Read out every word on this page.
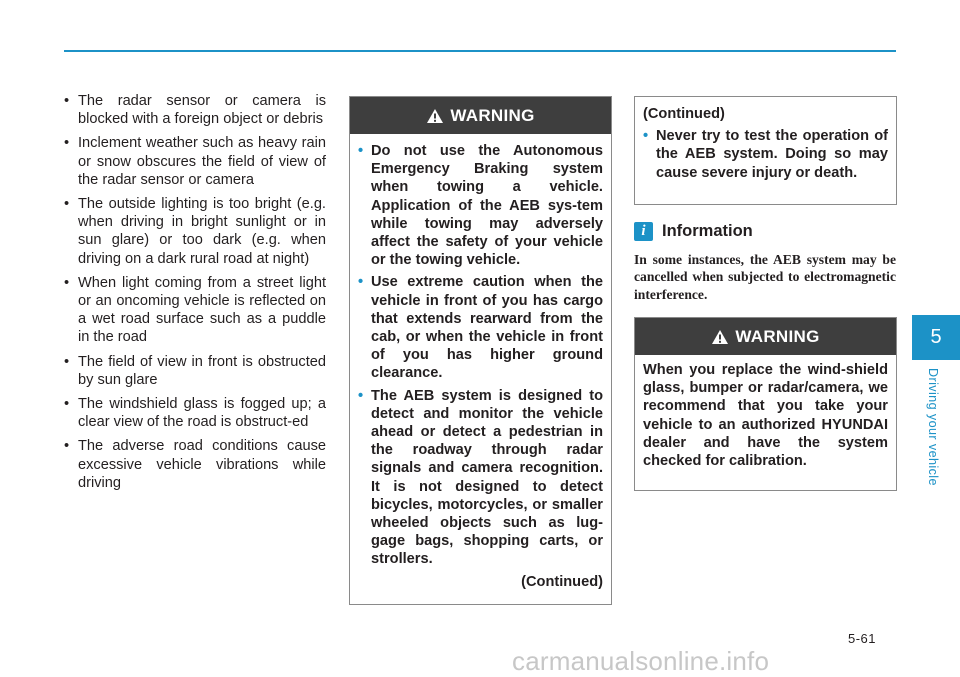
• The radar sensor or camera is blocked with a foreign object or debris
• Inclement weather such as heavy rain or snow obscures the field of view of the radar sensor or camera
• The outside lighting is too bright (e.g. when driving in bright sunlight or in sun glare) or too dark (e.g. when driving on a dark rural road at night)
• When light coming from a street light or an oncoming vehicle is reflected on a wet road surface such as a puddle in the road
• The field of view in front is obstructed by sun glare
• The windshield glass is fogged up; a clear view of the road is obstruct-ed
• The adverse road conditions cause excessive vehicle vibrations while driving
WARNING
• Do not use the Autonomous Emergency Braking system when towing a vehicle. Application of the AEB sys-tem while towing may adversely affect the safety of your vehicle or the towing vehicle.
• Use extreme caution when the vehicle in front of you has cargo that extends rearward from the cab, or when the vehicle in front of you has higher ground clearance.
• The AEB system is designed to detect and monitor the vehicle ahead or detect a pedestrian in the roadway through radar signals and camera recognition. It is not designed to detect bicycles, motorcycles, or smaller wheeled objects such as lug-gage bags, shopping carts, or strollers.
(Continued)
(Continued)
• Never try to test the operation of the AEB system. Doing so may cause severe injury or death.
i Information
In some instances, the AEB system may be cancelled when subjected to electromagnetic interference.
WARNING
When you replace the wind-shield glass, bumper or radar/camera, we recommend that you take your vehicle to an authorized HYUNDAI dealer and have the system checked for calibration.
5
Driving your vehicle
5-61
carmanualsonline.info
